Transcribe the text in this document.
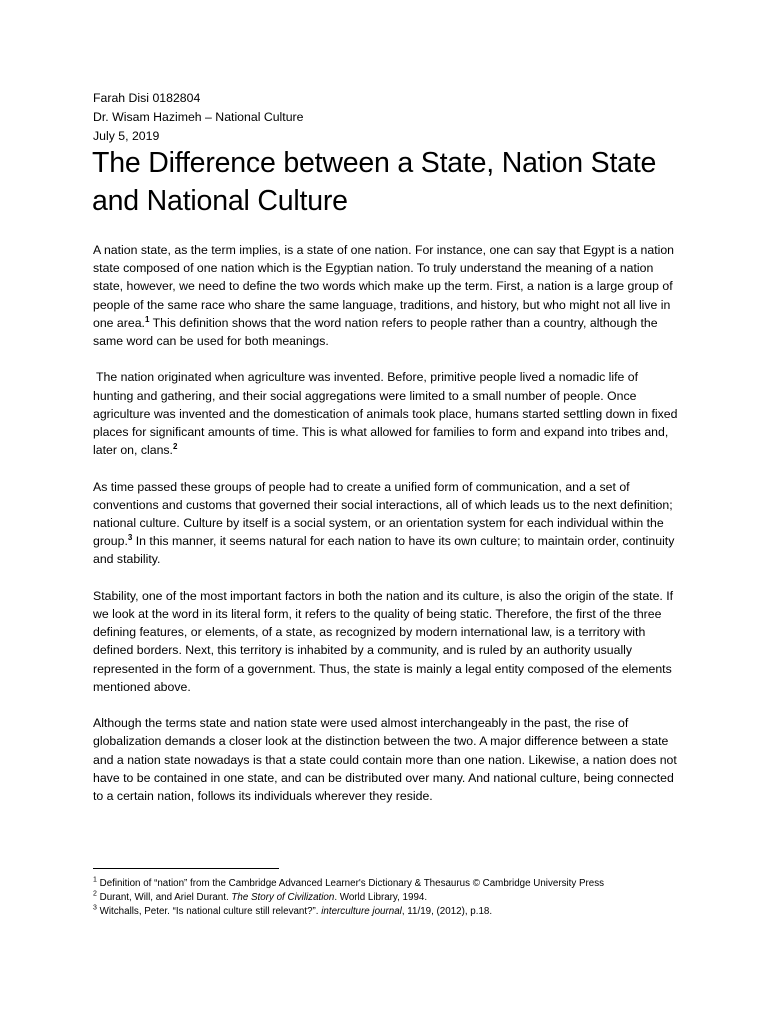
Farah Disi 0182804
Dr. Wisam Hazimeh – National Culture
July 5, 2019
The Difference between a State, Nation State and National Culture

A nation state, as the term implies, is a state of one nation. For instance, one can say that Egypt is a nation state composed of one nation which is the Egyptian nation. To truly understand the meaning of a nation state, however, we need to define the two words which make up the term. First, a nation is a large group of people of the same race who share the same language, traditions, and history, but who might not all live in one area.$^1$ This definition shows that the word nation refers to people rather than a country, although the same word can be used for both meanings.

The nation originated when agriculture was invented. Before, primitive people lived a nomadic life of hunting and gathering, and their social aggregations were limited to a small number of people. Once agriculture was invented and the domestication of animals took place, humans started settling down in fixed places for significant amounts of time. This is what allowed for families to form and expand into tribes and, later on, clans.$^2$

As time passed these groups of people had to create a unified form of communication, and a set of conventions and customs that governed their social interactions, all of which leads us to the next definition; national culture. Culture by itself is a social system, or an orientation system for each individual within the group.$^3$ In this manner, it seems natural for each nation to have its own culture; to maintain order, continuity and stability.

Stability, one of the most important factors in both the nation and its culture, is also the origin of the state. If we look at the word in its literal form, it refers to the quality of being static. Therefore, the first of the three defining features, or elements, of a state, as recognized by modern international law, is a territory with defined borders. Next, this territory is inhabited by a community, and is ruled by an authority usually represented in the form of a government. Thus, the state is mainly a legal entity composed of the elements mentioned above.

Although the terms state and nation state were used almost interchangeably in the past, the rise of globalization demands a closer look at the distinction between the two. A major difference between a state and a nation state nowadays is that a state could contain more than one nation. Likewise, a nation does not have to be contained in one state, and can be distributed over many. And national culture, being connected to a certain nation, follows its individuals wherever they reside.

$^1$ Definition of “nation” from the Cambridge Advanced Learner's Dictionary & Thesaurus © Cambridge University Press

$^2$ Durant, Will, and Ariel Durant. The Story of Civilization. World Library, 1994.

$^3$ Witchalls, Peter. “Is national culture still relevant?”. interculture journal, 11/19, (2012), p.18.
